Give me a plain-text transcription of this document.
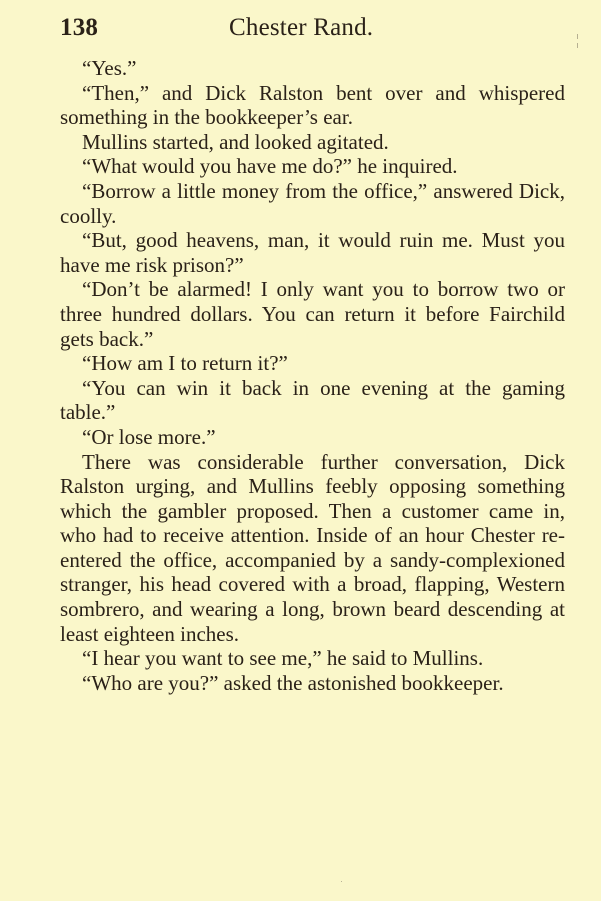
138	Chester Rand.

“Yes.”

“Then,” and Dick Ralston bent over and whispered something in the bookkeeper’s ear.

Mullins started, and looked agitated.

“What would you have me do?” he inquired.

“Borrow a little money from the office,” answered Dick, coolly.

“But, good heavens, man, it would ruin me. Must you have me risk prison?”

“Don’t be alarmed! I only want you to borrow two or three hundred dollars. You can return it before Fairchild gets back.”

“How am I to return it?”

“You can win it back in one evening at the gaming table.”

“Or lose more.”

There was considerable further conversation, Dick Ralston urging, and Mullins feebly opposing something which the gambler proposed. Then a customer came in, who had to receive attention. Inside of an hour Chester re-entered the office, accompanied by a sandy-complexioned stranger, his head covered with a broad, flapping, Western sombrero, and wearing a long, brown beard descending at least eighteen inches.

“I hear you want to see me,” he said to Mullins.

“Who are you?” asked the astonished bookkeeper.
